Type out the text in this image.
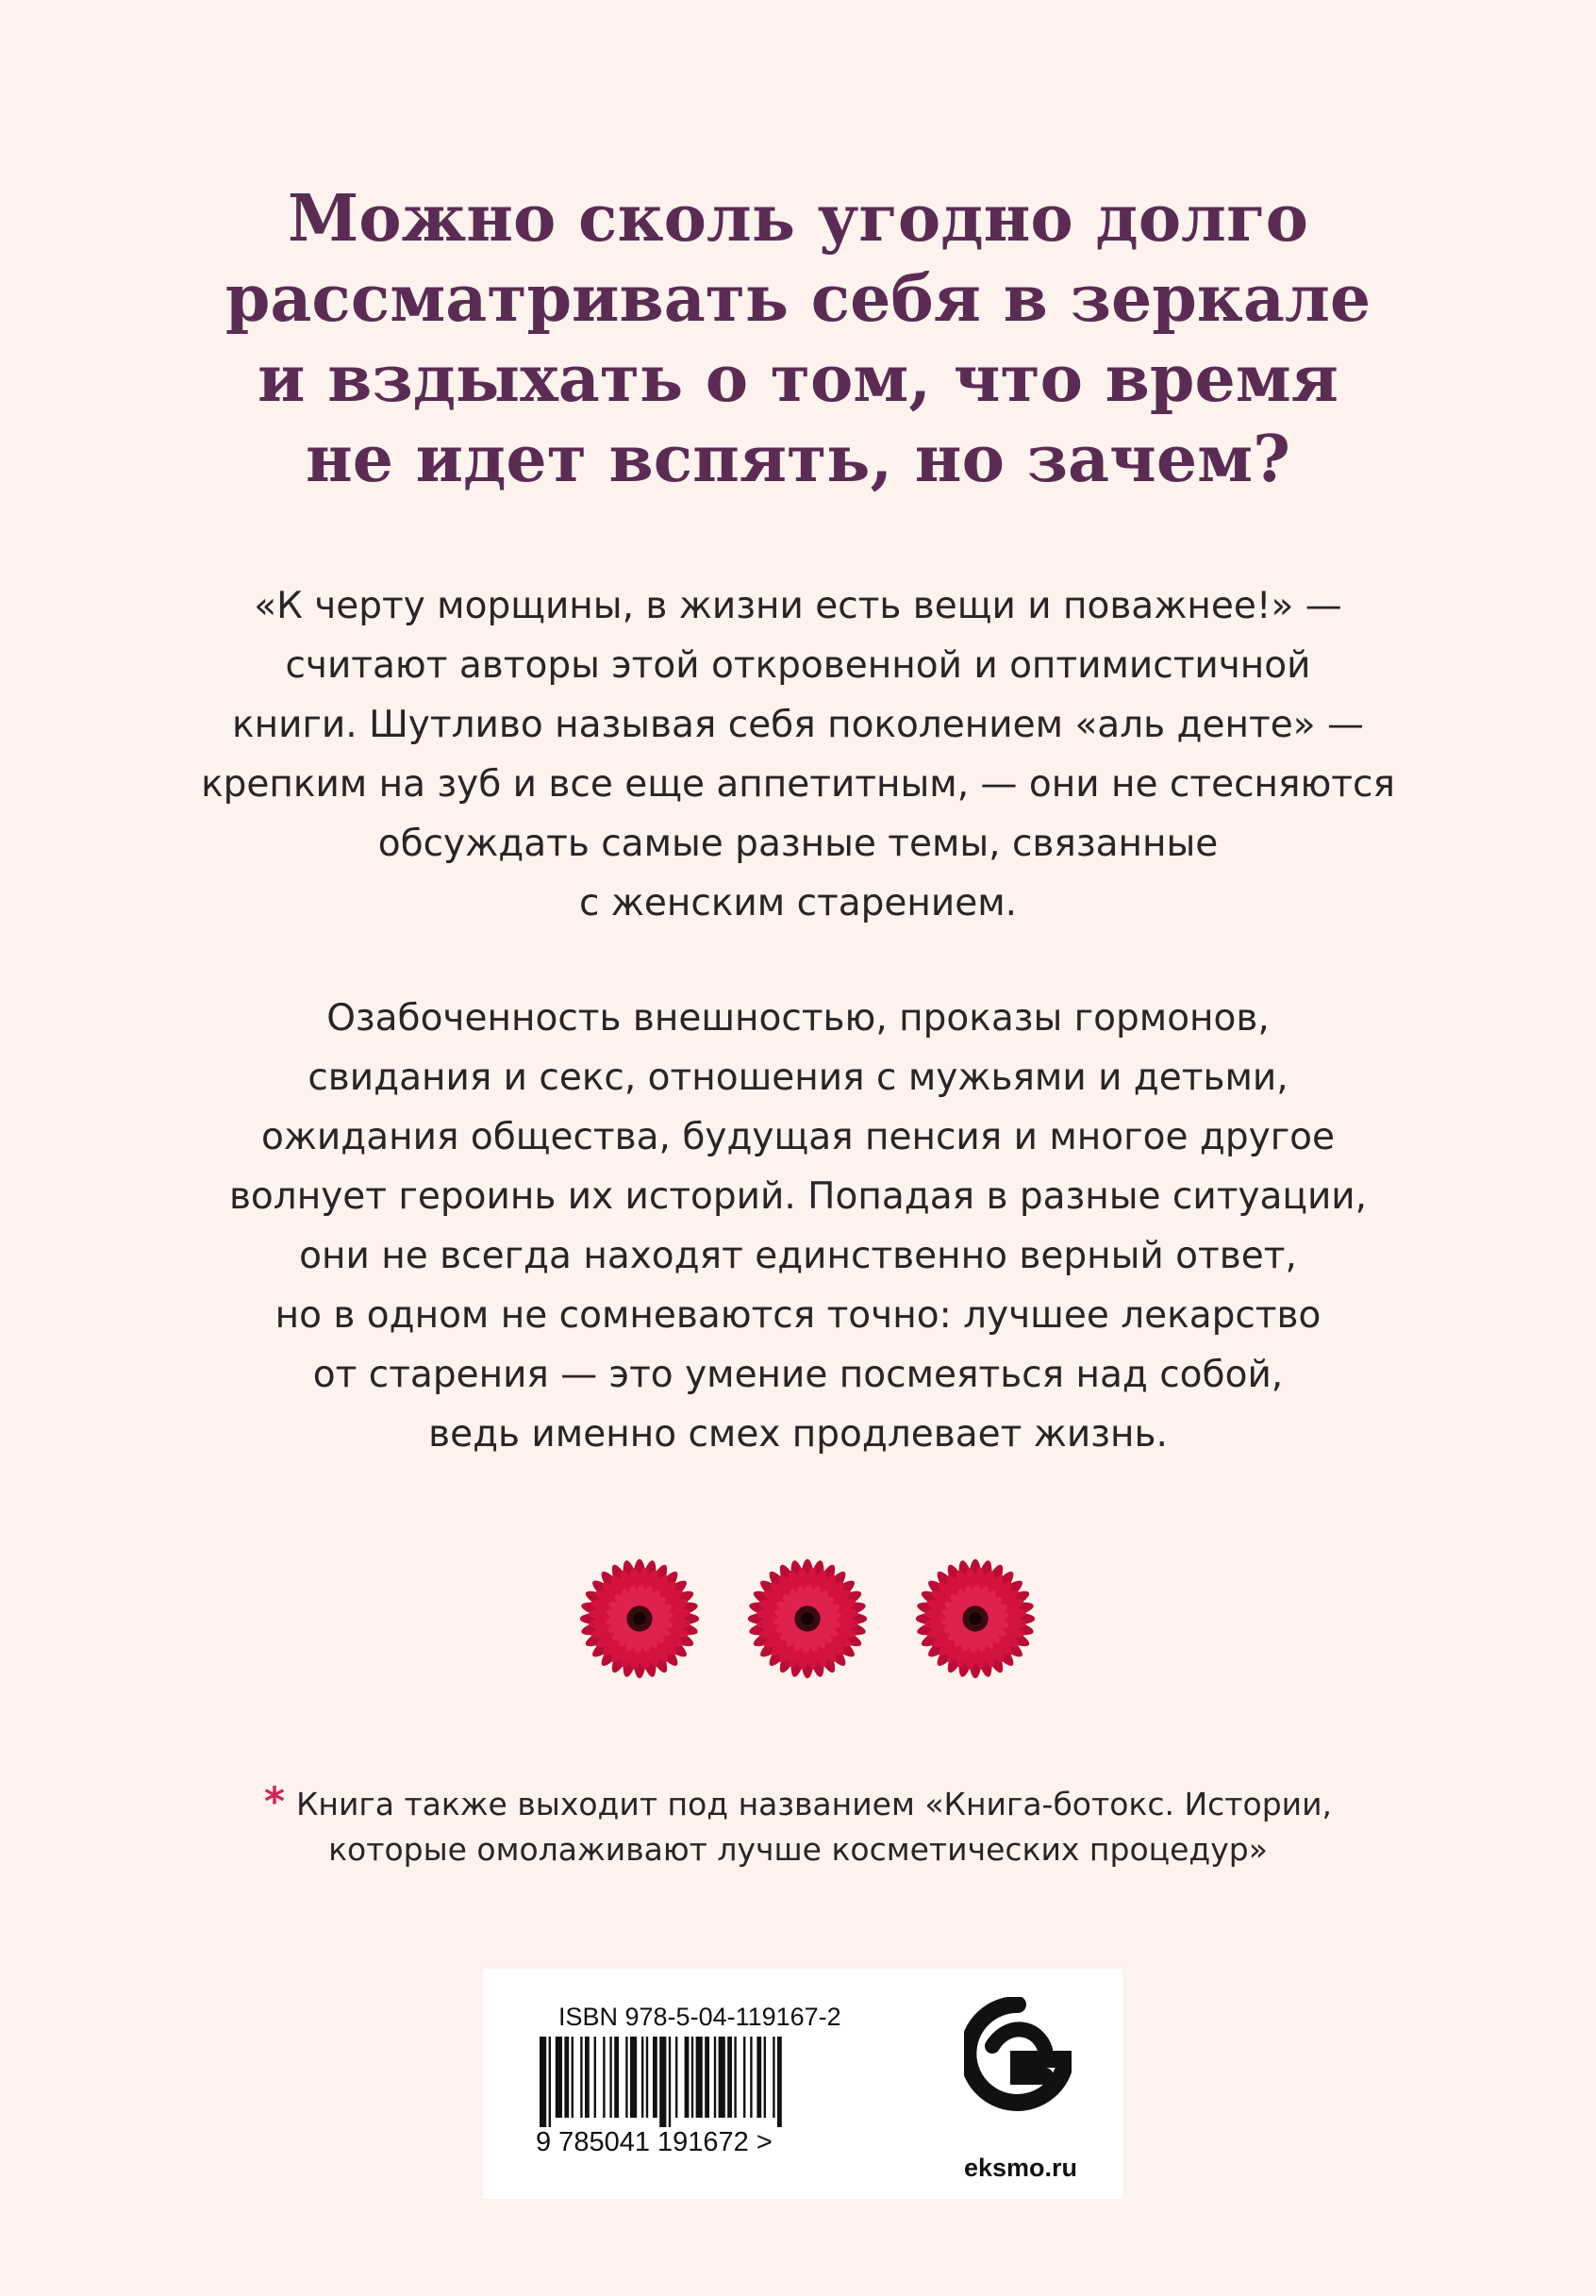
Можно сколь угодно долго
рассматривать себя в зеркале
и вздыхать о том, что время
не идет вспять, но зачем?
«К черту морщины, в жизни есть вещи и поважнее!» —
считают авторы этой откровенной и оптимистичной
книги. Шутливо называя себя поколением «аль денте» —
крепким на зуб и все еще аппетитным, — они не стесняются
обсуждать самые разные темы, связанные
с женским старением.
Озабоченность внешностью, проказы гормонов,
свидания и секс, отношения с мужьями и детьми,
ожидания общества, будущая пенсия и многое другое
волнует героинь их историй. Попадая в разные ситуации,
они не всегда находят единственно верный ответ,
но в одном не сомневаются точно: лучшее лекарство
от старения — это умение посмеяться над собой,
ведь именно смех продлевает жизнь.
* Книга также выходит под названием «Книга-ботокс. Истории,
которые омолаживают лучше косметических процедур»
ISBN 978-5-04-119167-2
9 785041 191672 >
eksmo.ru
